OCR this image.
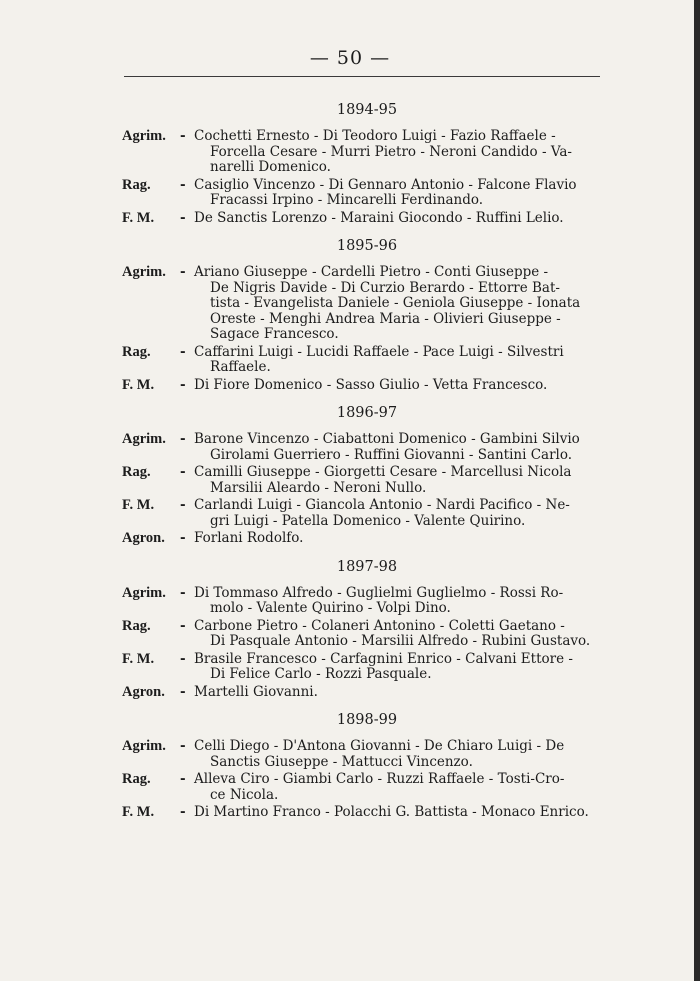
— 50 —
1894-95
Agrim.	- Cochetti Ernesto - Di Teodoro Luigi - Fazio Raffaele -
Forcella Cesare - Murri Pietro - Neroni Candido - Va-
narelli Domenico.
Rag.	- Casiglio Vincenzo - Di Gennaro Antonio - Falcone Flavio
Fracassi Irpino - Mincarelli Ferdinando.
F. M.	- De Sanctis Lorenzo - Maraini Giocondo - Ruffini Lelio.
1895-96
Agrim.	- Ariano Giuseppe - Cardelli Pietro - Conti Giuseppe -
De Nigris Davide - Di Curzio Berardo - Ettorre Bat-
tista - Evangelista Daniele - Geniola Giuseppe - Ionata
Oreste - Menghi Andrea Maria - Olivieri Giuseppe -
Sagace Francesco.
Rag.	- Caffarini Luigi - Lucidi Raffaele - Pace Luigi - Silvestri
Raffaele.
F. M.	- Di Fiore Domenico - Sasso Giulio - Vetta Francesco.
1896-97
Agrim.	- Barone Vincenzo - Ciabattoni Domenico - Gambini Silvio
Girolami Guerriero - Ruffini Giovanni - Santini Carlo.
Rag.	- Camilli Giuseppe - Giorgetti Cesare - Marcellusi Nicola
Marsilii Aleardo - Neroni Nullo.
F. M.	- Carlandi Luigi - Giancola Antonio - Nardi Pacifico - Ne-
gri Luigi - Patella Domenico - Valente Quirino.
Agron.	- Forlani Rodolfo.
1897-98
Agrim.	- Di Tommaso Alfredo - Guglielmi Guglielmo - Rossi Ro-
molo - Valente Quirino - Volpi Dino.
Rag.	- Carbone Pietro - Colaneri Antonino - Coletti Gaetano -
Di Pasquale Antonio - Marsilii Alfredo - Rubini Gustavo.
F. M.	- Brasile Francesco - Carfagnini Enrico - Calvani Ettore -
Di Felice Carlo - Rozzi Pasquale.
Agron.	- Martelli Giovanni.
1898-99
Agrim.	- Celli Diego - D'Antona Giovanni - De Chiaro Luigi - De
Sanctis Giuseppe - Mattucci Vincenzo.
Rag.	- Alleva Ciro - Giambi Carlo - Ruzzi Raffaele - Tosti-Cro-
ce Nicola.
F. M.	- Di Martino Franco - Polacchi G. Battista - Monaco Enrico.
